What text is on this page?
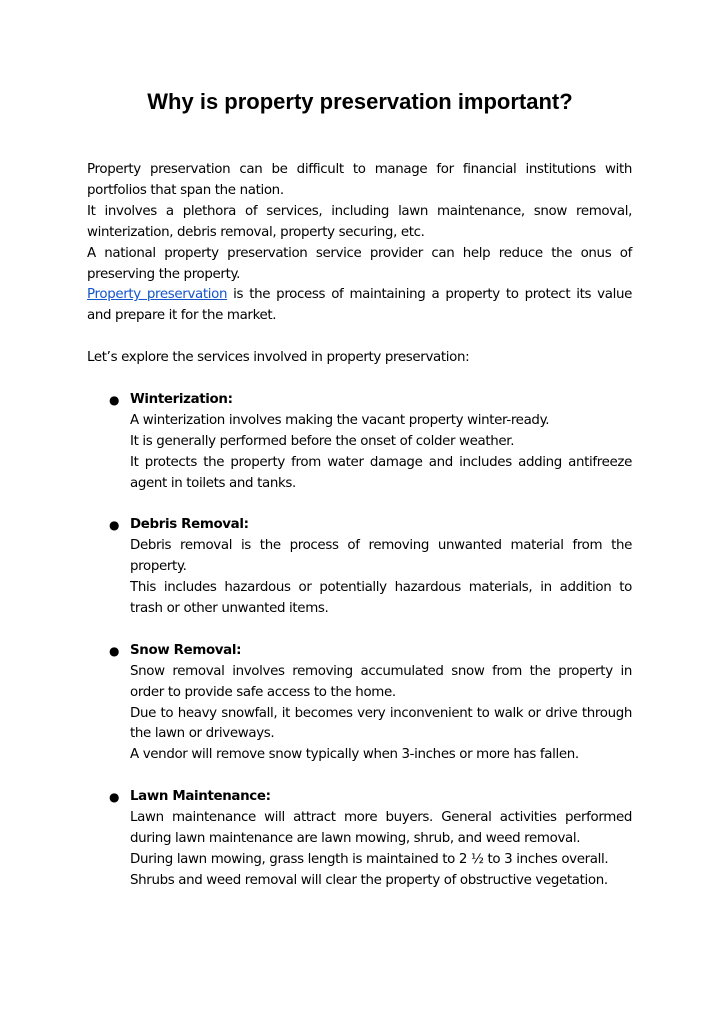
Why is property preservation important?

Property preservation can be difficult to manage for financial institutions with portfolios that span the nation.
It involves a plethora of services, including lawn maintenance, snow removal, winterization, debris removal, property securing, etc.
A national property preservation service provider can help reduce the onus of preserving the property.
Property preservation is the process of maintaining a property to protect its value and prepare it for the market.

Let’s explore the services involved in property preservation:

● Winterization:
A winterization involves making the vacant property winter-ready.
It is generally performed before the onset of colder weather.
It protects the property from water damage and includes adding antifreeze agent in toilets and tanks.
● Debris Removal:
Debris removal is the process of removing unwanted material from the property.
This includes hazardous or potentially hazardous materials, in addition to trash or other unwanted items.
● Snow Removal:
Snow removal involves removing accumulated snow from the property in order to provide safe access to the home.
Due to heavy snowfall, it becomes very inconvenient to walk or drive through the lawn or driveways.
A vendor will remove snow typically when 3-inches or more has fallen.
● Lawn Maintenance:
Lawn maintenance will attract more buyers. General activities performed during lawn maintenance are lawn mowing, shrub, and weed removal.
During lawn mowing, grass length is maintained to 2 ½ to 3 inches overall.
Shrubs and weed removal will clear the property of obstructive vegetation.
